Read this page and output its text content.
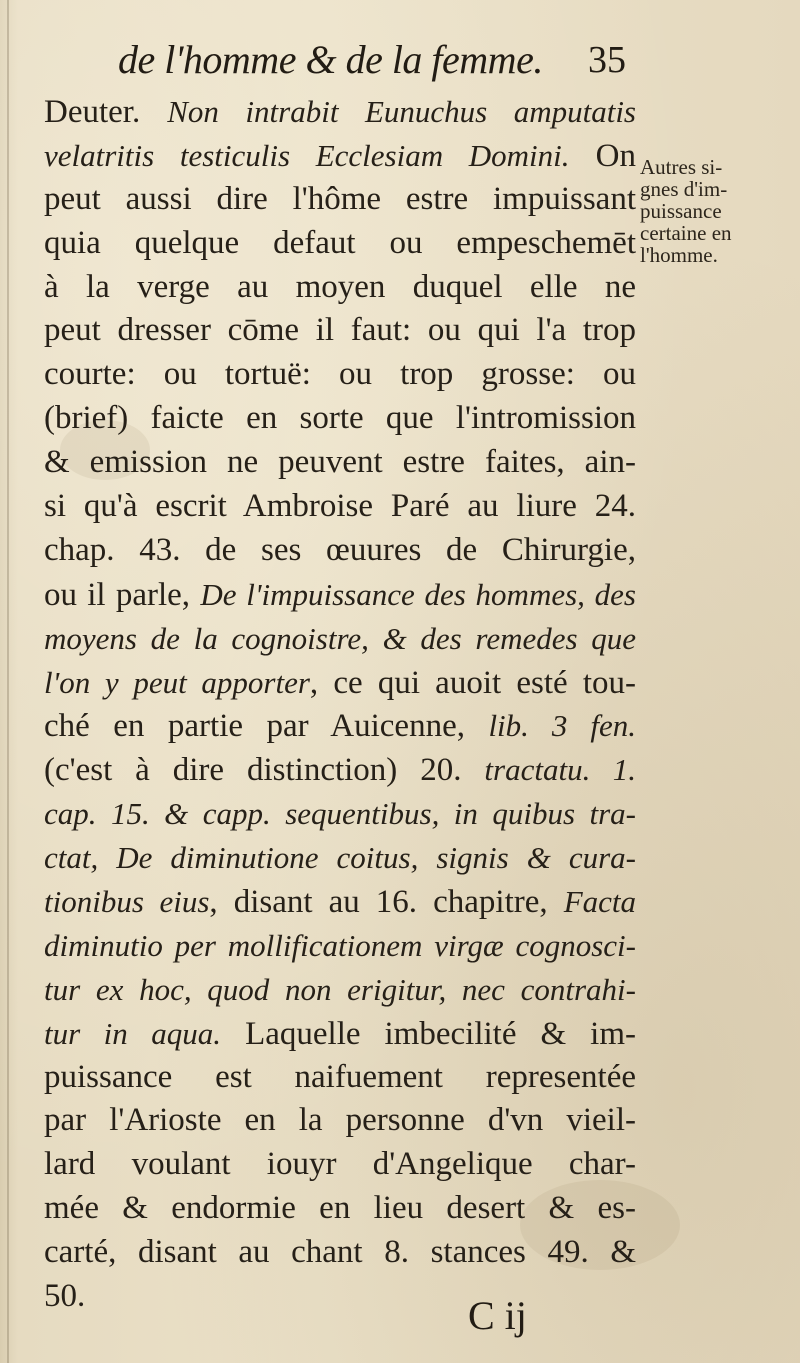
de l'homme & de la femme. 35
Deuter. Non intrabit Eunuchus amputatis
velatritis testiculis Ecclesiam Domini. On
peut aussi dire l'hôme estre impuissant
quia quelque defaut ou empeschemēt
à la verge au moyen duquel elle ne
peut dresser cōme il faut: ou qui l'a trop
courte: ou tortuë: ou trop grosse: ou
(brief) faicte en sorte que l'intromission
& emission ne peuvent estre faites, ain-
si qu'à escrit Ambroise Paré au liure 24.
chap. 43. de ses œuures de Chirurgie,
ou il parle, De l'impuissance des hommes, des
moyens de la cognoistre, & des remedes que
l'on y peut apporter, ce qui auoit esté tou-
ché en partie par Auicenne, lib. 3 fen.
(c'est à dire distinction) 20. tractatu. 1.
cap. 15. & capp. sequentibus, in quibus tra-
ctat, De diminutione coitus, signis & cura-
tionibus eius, disant au 16. chapitre, Facta
diminutio per mollificationem virgæ cognosci-
tur ex hoc, quod non erigitur, nec contrahi-
tur in aqua. Laquelle imbecilité & im-
puissance est naifuement representée
par l'Arioste en la personne d'vn vieil-
lard voulant iouyr d'Angelique char-
mée & endormie en lieu desert & es-
carté, disant au chant 8. stances 49. &
50.
Autres si-
gnes d'im-
puissance
certaine en
l'homme.
C ij
